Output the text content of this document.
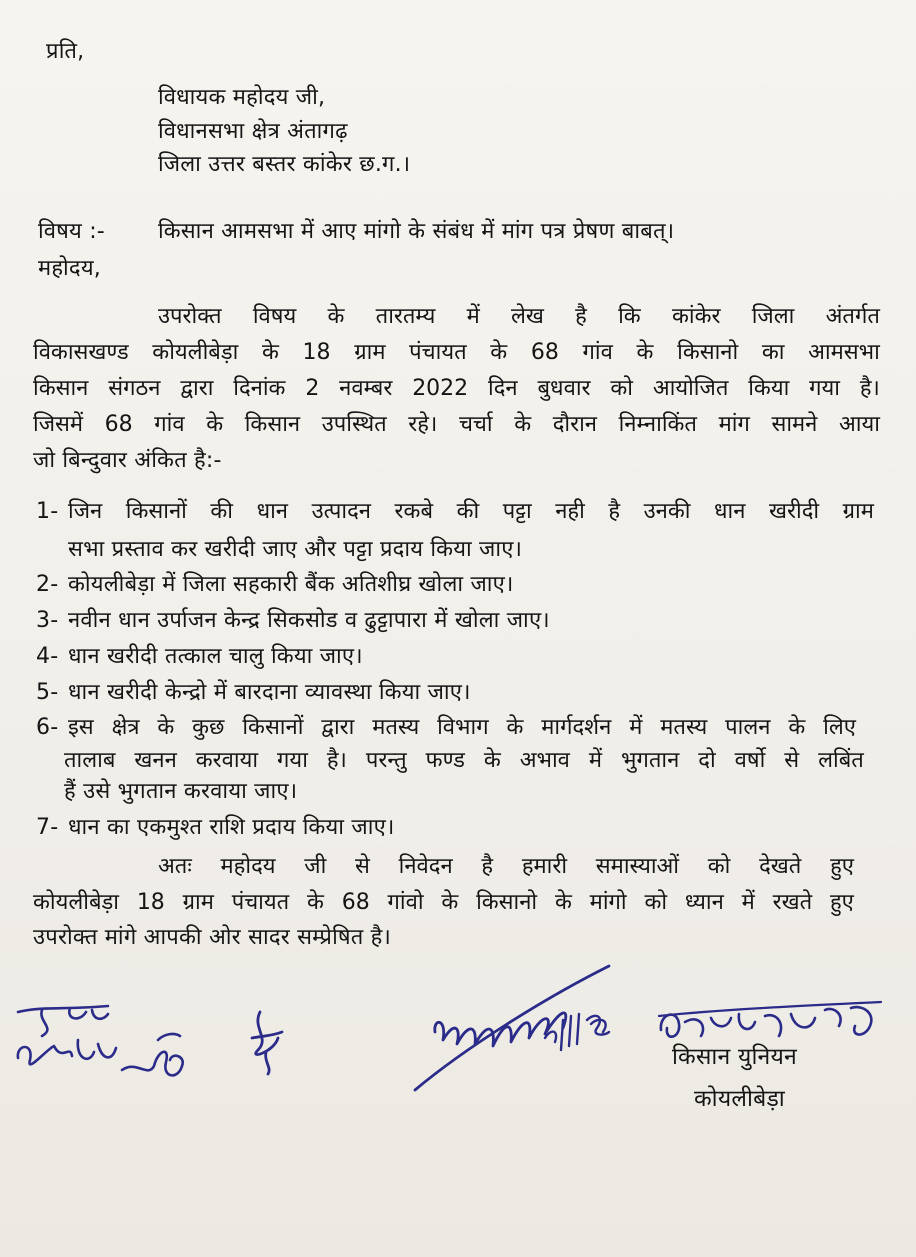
प्रति,
विधायक महोदय जी,
विधानसभा क्षेत्र अंतागढ़
जिला उत्तर बस्तर कांकेर छ.ग.।
विषय :- किसान आमसभा में आए मांगो के संबंध में मांग पत्र प्रेषण बाबत्।
महोदय,
उपरोक्त विषय के तारतम्य में लेख है कि कांकेर जिला अंतर्गत
विकासखण्ड कोयलीबेड़ा के 18 ग्राम पंचायत के 68 गांव के किसानो का आमसभा
किसान संगठन द्वारा दिनांक 2 नवम्बर 2022 दिन बुधवार को आयोजित किया गया है।
जिसमें 68 गांव के किसान उपस्थित रहे। चर्चा के दौरान निम्नाकिंत मांग सामने आया
जो बिन्दुवार अंकित है:-
1- जिन किसानों की धान उत्पादन रकबे की पट्टा नही है उनकी धान खरीदी ग्राम
सभा प्रस्ताव कर खरीदी जाए और पट्टा प्रदाय किया जाए।
2- कोयलीबेड़ा में जिला सहकारी बैंक अतिशीघ्र खोला जाए।
3- नवीन धान उर्पाजन केन्द्र सिकसोड व ढुट्टापारा में खोला जाए।
4- धान खरीदी तत्काल चालु किया जाए।
5- धान खरीदी केन्द्रो में बारदाना व्यावस्था किया जाए।
6- इस क्षेत्र के कुछ किसानों द्वारा मतस्य विभाग के मार्गदर्शन में मतस्य पालन के लिए
तालाब खनन करवाया गया है। परन्तु फण्ड के अभाव में भुगतान दो वर्षो से लबिंत
हैं उसे भुगतान करवाया जाए।
7- धान का एकमुश्त राशि प्रदाय किया जाए।
अतः महोदय जी से निवेदन है हमारी समास्याओं को देखते हुए
कोयलीबेड़ा 18 ग्राम पंचायत के 68 गांवो के किसानो के मांगो को ध्यान में रखते हुए
उपरोक्त मांगे आपकी ओर सादर सम्प्रेषित है।
किसान युनियन
कोयलीबेड़ा
